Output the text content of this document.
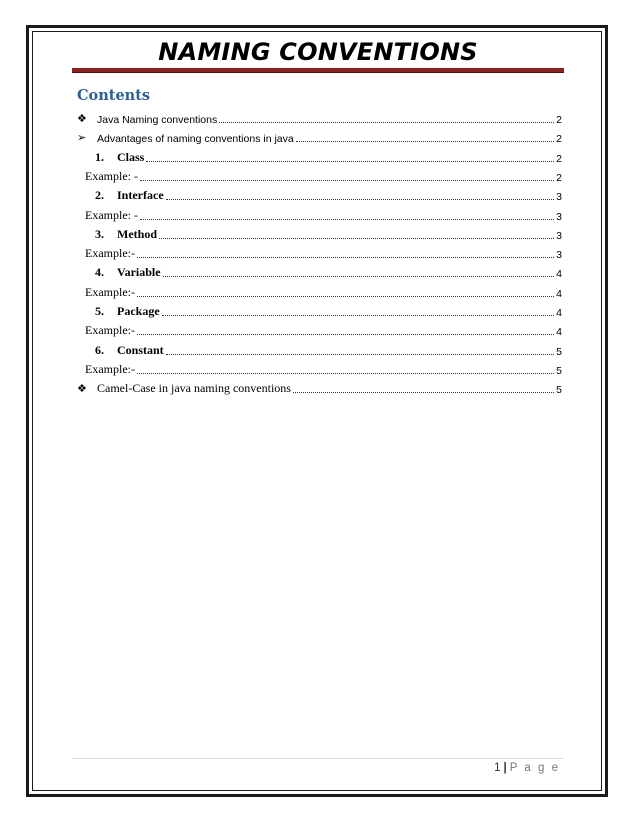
NAMING CONVENTIONS
Contents
❖ Java Naming conventions	2
➢	Advantages of naming conventions in java	2
1. Class	2
Example: -	2
2. Interface	3
Example: -	3
3. Method	3
Example:-	3
4. Variable	4
Example:-	4
5. Package	4
Example:-	4
6. Constant	5
Example:-	5
❖ Camel-Case in java naming conventions	5
1 | P a g e
